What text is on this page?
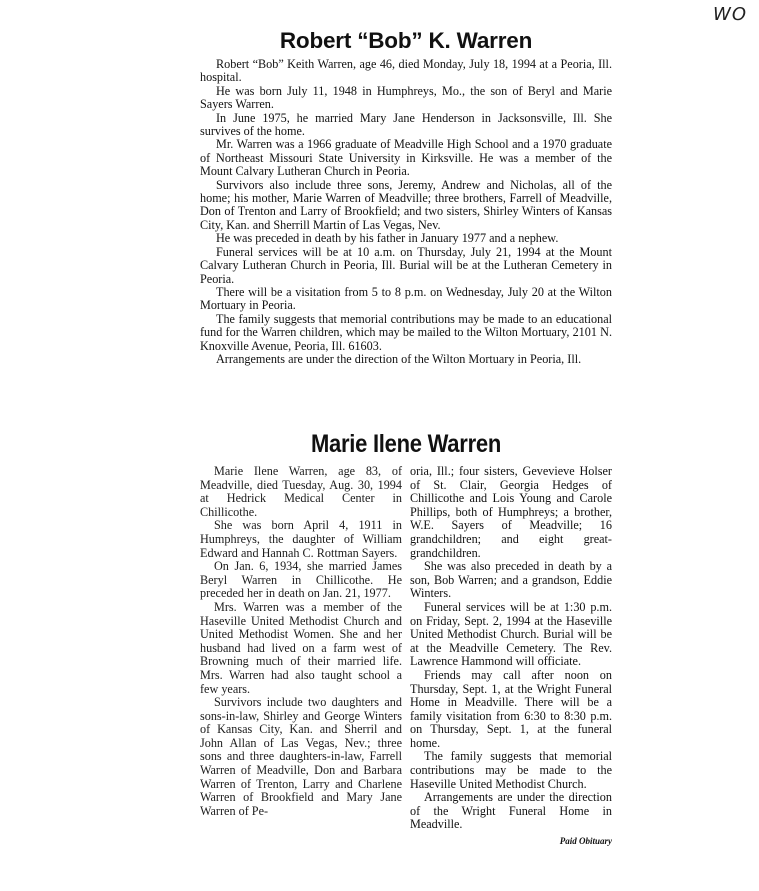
WO
Robert “Bob” K. Warren

Robert “Bob” Keith Warren, age 46, died Monday, July 18, 1994 at a Peoria, Ill. hospital.

He was born July 11, 1948 in Humphreys, Mo., the son of Beryl and Marie Sayers Warren.

In June 1975, he married Mary Jane Henderson in Jacksonsville, Ill. She survives of the home.

Mr. Warren was a 1966 graduate of Meadville High School and a 1970 graduate of Northeast Missouri State University in Kirksville. He was a member of the Mount Calvary Lutheran Church in Peoria.

Survivors also include three sons, Jeremy, Andrew and Nicholas, all of the home; his mother, Marie Warren of Meadville; three brothers, Farrell of Meadville, Don of Trenton and Larry of Brookfield; and two sisters, Shirley Winters of Kansas City, Kan. and Sherrill Martin of Las Vegas, Nev.

He was preceded in death by his father in January 1977 and a nephew.

Funeral services will be at 10 a.m. on Thursday, July 21, 1994 at the Mount Calvary Lutheran Church in Peoria, Ill. Burial will be at the Lutheran Cemetery in Peoria.

There will be a visitation from 5 to 8 p.m. on Wednesday, July 20 at the Wilton Mortuary in Peoria.

The family suggests that memorial contributions may be made to an educational fund for the Warren children, which may be mailed to the Wilton Mortuary, 2101 N. Knoxville Avenue, Peoria, Ill. 61603.

Arrangements are under the direction of the Wilton Mortuary in Peoria, Ill.

Marie Ilene Warren

Marie Ilene Warren, age 83, of Meadville, died Tuesday, Aug. 30, 1994 at Hedrick Medical Center in Chillicothe.

She was born April 4, 1911 in Humphreys, the daughter of William Edward and Hannah C. Rottman Sayers.

On Jan. 6, 1934, she married James Beryl Warren in Chillicothe. He preceded her in death on Jan. 21, 1977.

Mrs. Warren was a member of the Haseville United Methodist Church and United Methodist Women. She and her husband had lived on a farm west of Browning much of their married life. Mrs. Warren had also taught school a few years.

Survivors include two daughters and sons-in-law, Shirley and George Winters of Kansas City, Kan. and Sherril and John Allan of Las Vegas, Nev.; three sons and three daughters-in-law, Farrell Warren of Meadville, Don and Barbara Warren of Trenton, Larry and Charlene Warren of Brookfield and Mary Jane Warren of Pe-

oria, Ill.; four sisters, Gevevieve Holser of St. Clair, Georgia Hedges of Chillicothe and Lois Young and Carole Phillips, both of Humphreys; a brother, W.E. Sayers of Meadville; 16 grandchildren; and eight great-grandchildren.

She was also preceded in death by a son, Bob Warren; and a grandson, Eddie Winters.

Funeral services will be at 1:30 p.m. on Friday, Sept. 2, 1994 at the Haseville United Methodist Church. Burial will be at the Meadville Cemetery. The Rev. Lawrence Hammond will officiate.

Friends may call after noon on Thursday, Sept. 1, at the Wright Funeral Home in Meadville. There will be a family visitation from 6:30 to 8:30 p.m. on Thursday, Sept. 1, at the funeral home.

The family suggests that memorial contributions may be made to the Haseville United Methodist Church.

Arrangements are under the direction of the Wright Funeral Home in Meadville.

Paid Obituary
